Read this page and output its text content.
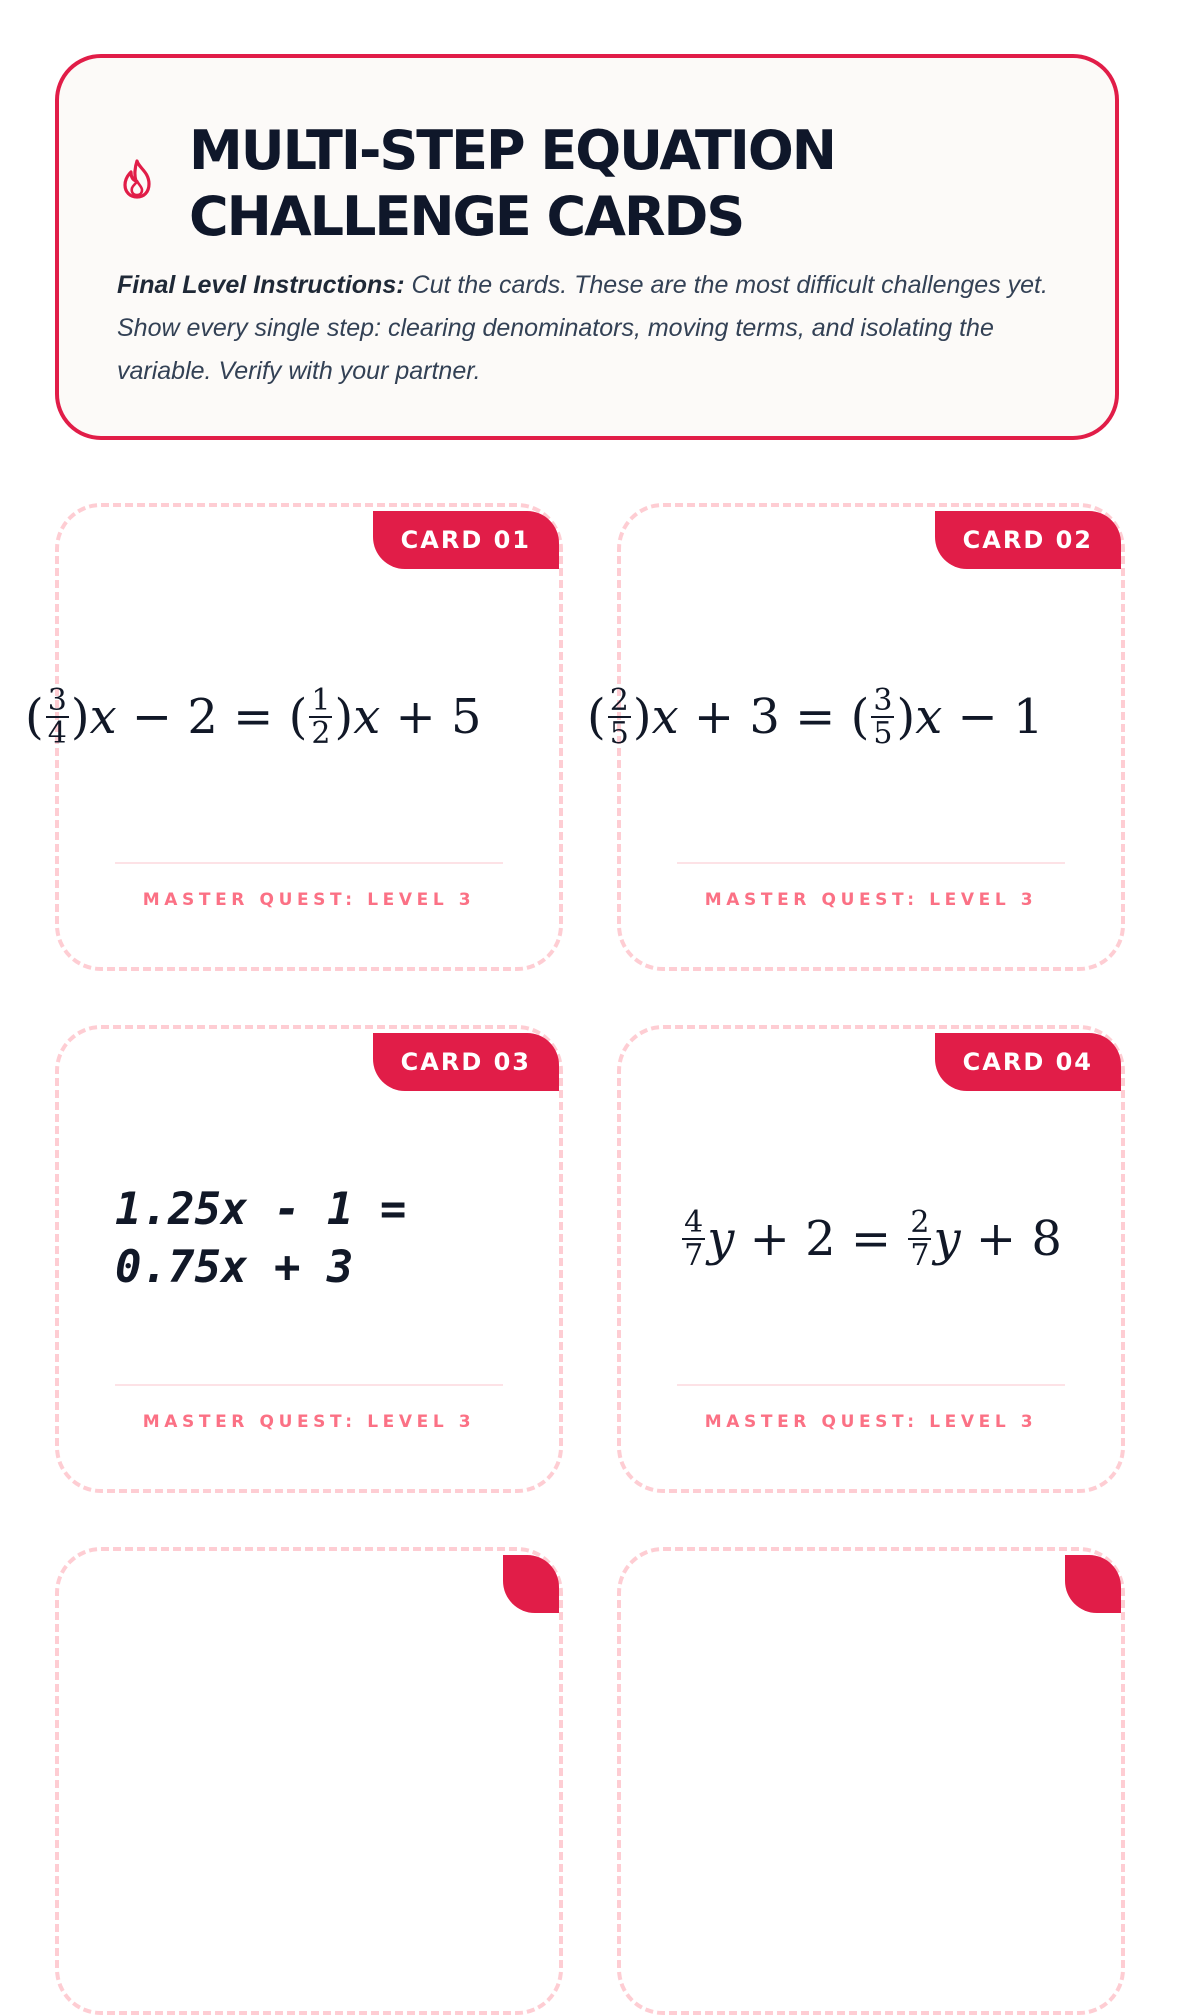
MULTI-STEP EQUATION CHALLENGE CARDS

Final Level Instructions: Cut the cards. These are the most difficult challenges yet. Show every single step: clearing denominators, moving terms, and isolating the variable. Verify with your partner.

CARD 01
( $\frac{3}{4}$ ) x − 2 = ( $\frac{1}{2}$ ) x + 5
MASTER QUEST: LEVEL 3
CARD 02
( $\frac{2}{5}$ ) x + 3 = ( $\frac{3}{5}$ ) x − 1
MASTER QUEST: LEVEL 3
CARD 03
1.25x - 1 = 0.75x + 3
MASTER QUEST: LEVEL 3
CARD 04
$\frac{4}{7}$ $y + 2 = \frac{2}{7}$ y + 8
MASTER QUEST: LEVEL 3
